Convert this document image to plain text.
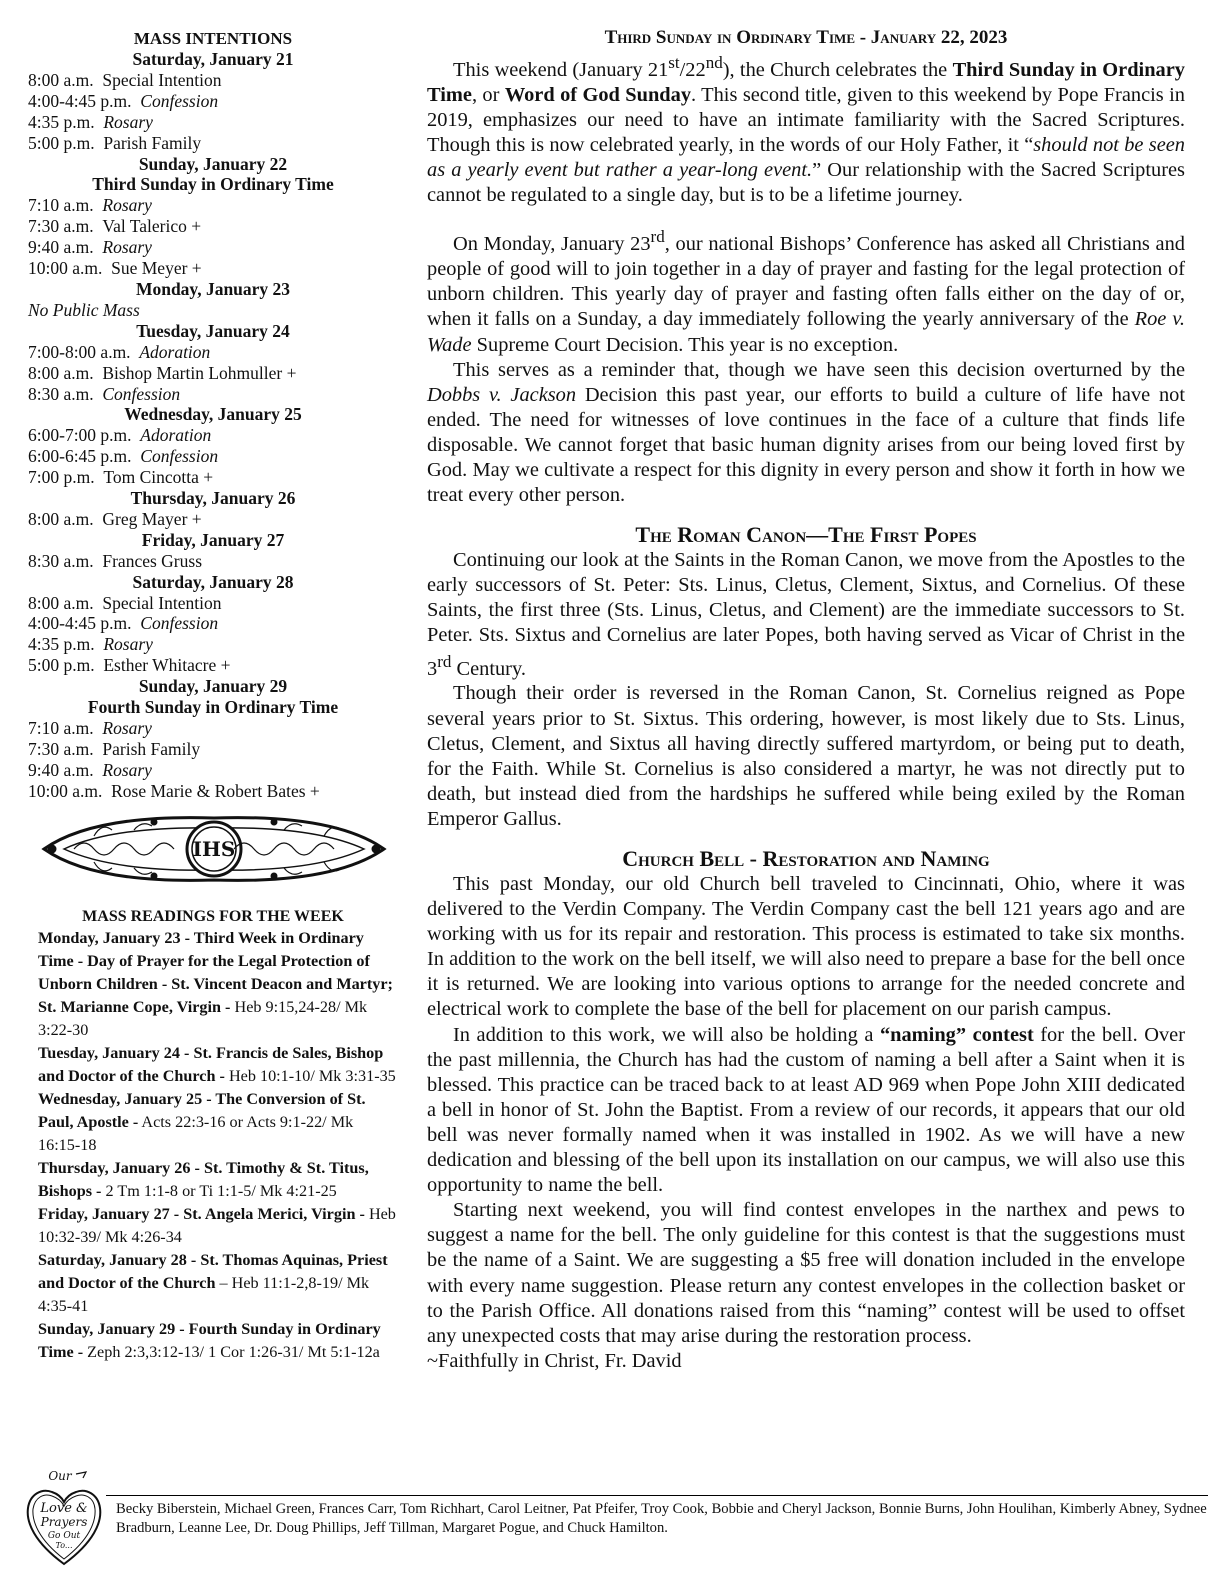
MASS INTENTIONS
Saturday, January 21
8:00 a.m. Special Intention
4:00-4:45 p.m. Confession
4:35 p.m. Rosary
5:00 p.m. Parish Family
Sunday, January 22
Third Sunday in Ordinary Time
7:10 a.m. Rosary
7:30 a.m. Val Talerico +
9:40 a.m. Rosary
10:00 a.m. Sue Meyer +
Monday, January 23
No Public Mass
Tuesday, January 24
7:00-8:00 a.m. Adoration
8:00 a.m. Bishop Martin Lohmuller +
8:30 a.m. Confession
Wednesday, January 25
6:00-7:00 p.m. Adoration
6:00-6:45 p.m. Confession
7:00 p.m. Tom Cincotta +
Thursday, January 26
8:00 a.m. Greg Mayer +
Friday, January 27
8:30 a.m. Frances Gruss
Saturday, January 28
8:00 a.m. Special Intention
4:00-4:45 p.m. Confession
4:35 p.m. Rosary
5:00 p.m. Esther Whitacre +
Sunday, January 29
Fourth Sunday in Ordinary Time
7:10 a.m. Rosary
7:30 a.m. Parish Family
9:40 a.m. Rosary
10:00 a.m. Rose Marie & Robert Bates +
IHS
MASS READINGS FOR THE WEEK

Monday, January 23 - Third Week in Ordinary Time - Day of Prayer for the Legal Protection of Unborn Children - St. Vincent Deacon and Martyr; St. Marianne Cope, Virgin - Heb 9:15,24-28/ Mk 3:22-30

Tuesday, January 24 - St. Francis de Sales, Bishop and Doctor of the Church - Heb 10:1-10/ Mk 3:31-35

Wednesday, January 25 - The Conversion of St. Paul, Apostle - Acts 22:3-16 or Acts 9:1-22/ Mk 16:15-18

Thursday, January 26 - St. Timothy & St. Titus, Bishops - 2 Tm 1:1-8 or Ti 1:1-5/ Mk 4:21-25

Friday, January 27 - St. Angela Merici, Virgin - Heb 10:32-39/ Mk 4:26-34

Saturday, January 28 - St. Thomas Aquinas, Priest and Doctor of the Church – Heb 11:1-2,8-19/ Mk 4:35-41

Sunday, January 29 - Fourth Sunday in Ordinary Time - Zeph 2:3,3:12-13/ 1 Cor 1:26-31/ Mt 5:1-12a

Third Sunday in Ordinary Time - January 22, 2023

This weekend (January 21st/22nd), the Church celebrates the Third Sunday in Ordinary Time, or Word of God Sunday. This second title, given to this weekend by Pope Francis in 2019, emphasizes our need to have an intimate familiarity with the Sacred Scriptures. Though this is now celebrated yearly, in the words of our Holy Father, it “should not be seen as a yearly event but rather a year-long event.” Our relationship with the Sacred Scriptures cannot be regulated to a single day, but is to be a lifetime journey.

On Monday, January 23rd, our national Bishops’ Conference has asked all Christians and people of good will to join together in a day of prayer and fasting for the legal protection of unborn children. This yearly day of prayer and fasting often falls either on the day of or, when it falls on a Sunday, a day immediately following the yearly anniversary of the Roe v. Wade Supreme Court Decision. This year is no exception.

This serves as a reminder that, though we have seen this decision overturned by the Dobbs v. Jackson Decision this past year, our efforts to build a culture of life have not ended. The need for witnesses of love continues in the face of a culture that finds life disposable. We cannot forget that basic human dignity arises from our being loved first by God. May we cultivate a respect for this dignity in every person and show it forth in how we treat every other person.

The Roman Canon—The First Popes

Continuing our look at the Saints in the Roman Canon, we move from the Apostles to the early successors of St. Peter: Sts. Linus, Cletus, Clement, Sixtus, and Cornelius. Of these Saints, the first three (Sts. Linus, Cletus, and Clement) are the immediate successors to St. Peter. Sts. Sixtus and Cornelius are later Popes, both having served as Vicar of Christ in the 3rd Century.

Though their order is reversed in the Roman Canon, St. Cornelius reigned as Pope several years prior to St. Sixtus. This ordering, however, is most likely due to Sts. Linus, Cletus, Clement, and Sixtus all having directly suffered martyrdom, or being put to death, for the Faith. While St. Cornelius is also considered a martyr, he was not directly put to death, but instead died from the hardships he suffered while being exiled by the Roman Emperor Gallus.

Church Bell - Restoration and Naming

This past Monday, our old Church bell traveled to Cincinnati, Ohio, where it was delivered to the Verdin Company. The Verdin Company cast the bell 121 years ago and are working with us for its repair and restoration. This process is estimated to take six months. In addition to the work on the bell itself, we will also need to prepare a base for the bell once it is returned. We are looking into various options to arrange for the needed concrete and electrical work to complete the base of the bell for placement on our parish campus.

In addition to this work, we will also be holding a “naming” contest for the bell. Over the past millennia, the Church has had the custom of naming a bell after a Saint when it is blessed. This practice can be traced back to at least AD 969 when Pope John XIII dedicated a bell in honor of St. John the Baptist. From a review of our records, it appears that our old bell was never formally named when it was installed in 1902. As we will have a new dedication and blessing of the bell upon its installation on our campus, we will also use this opportunity to name the bell.

Starting next weekend, you will find contest envelopes in the narthex and pews to suggest a name for the bell. The only guideline for this contest is that the suggestions must be the name of a Saint. We are suggesting a $5 free will donation included in the envelope with every name suggestion. Please return any contest envelopes in the collection basket or to the Parish Office. All donations raised from this “naming” contest will be used to offset any unexpected costs that may arise during the restoration process.

~Faithfully in Christ, Fr. David

Our
Love &
Prayers
Go Out
To...
Becky Biberstein, Michael Green, Frances Carr, Tom Richhart, Carol Leitner, Pat Pfeifer, Troy Cook, Bobbie and Cheryl Jackson, Bonnie Burns, John Houlihan, Kimberly Abney, Sydnee Bradburn, Leanne Lee, Dr. Doug Phillips, Jeff Tillman, Margaret Pogue, and Chuck Hamilton.
